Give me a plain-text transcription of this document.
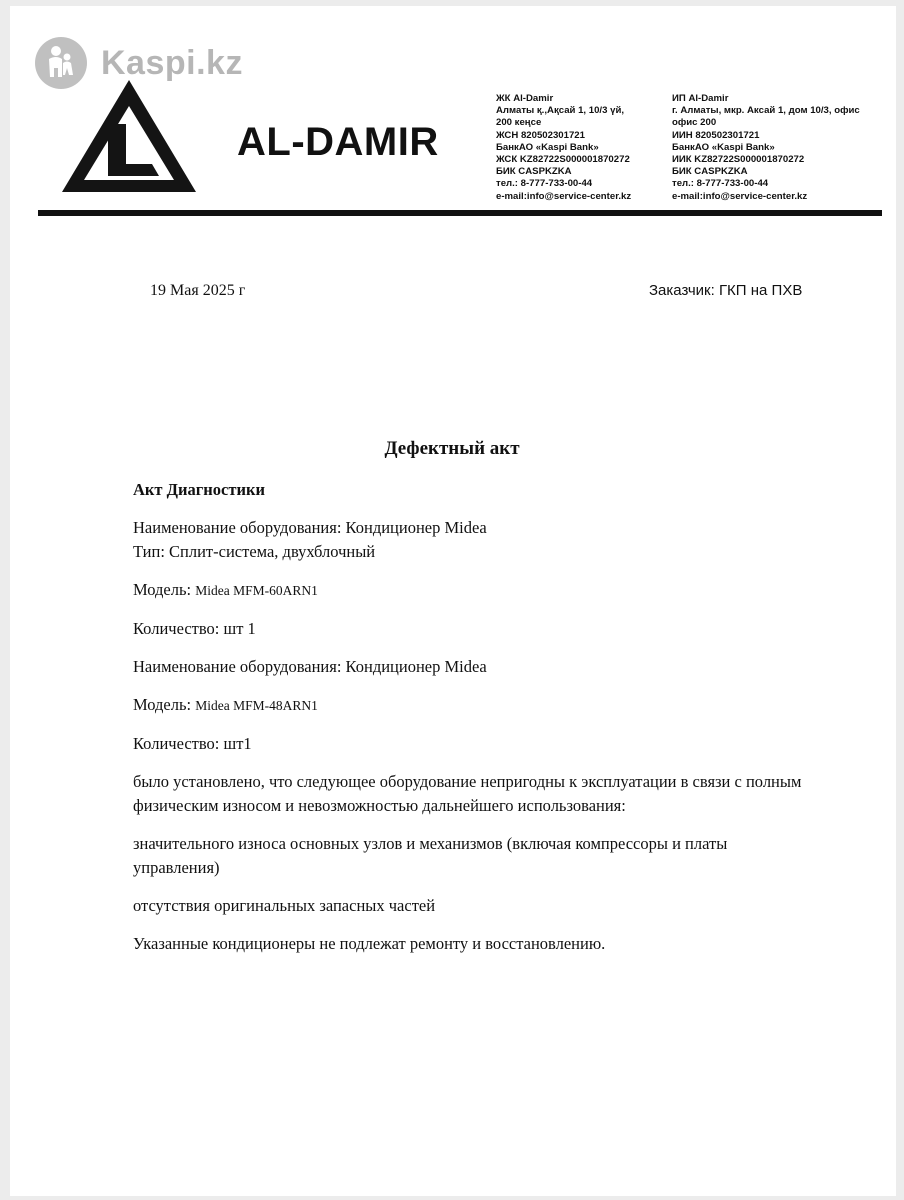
Kaspi.kz
AL-DAMIR
ЖК Al-Damir
Алматы қ.,Ақсай 1, 10/3 үй,
200 кеңсе
ЖСН 820502301721
БанкАО «Kaspi Bank»
ЖСК KZ82722S000001870272
БИК CASPKZKA
тел.: 8-777-733-00-44
e-mail:info@service-center.kz
ИП Al-Damir
г. Алматы, мкр. Аксай 1, дом 10/3, офис
офис 200
ИИН 820502301721
БанкАО «Kaspi Bank»
ИИК KZ82722S000001870272
БИК CASPKZKA
тел.: 8-777-733-00-44
e-mail:info@service-center.kz
19 Мая 2025 г	Заказчик: ГКП на ПХВ
Дефектный акт

Акт Диагностики

Наименование оборудования: Кондиционер Midea

Тип: Сплит-система, двухблочный

Модель: Midea MFM-60ARN1

Количество: шт 1

Наименование оборудования: Кондиционер Midea

Модель: Midea MFM-48ARN1

Количество: шт1

было установлено, что следующее оборудование непригодны к эксплуатации в связи с полным физическим износом и невозможностью дальнейшего использования:

значительного износа основных узлов и механизмов (включая компрессоры и платы управления)

отсутствия оригинальных запасных частей

Указанные кондиционеры не подлежат ремонту и восстановлению.
